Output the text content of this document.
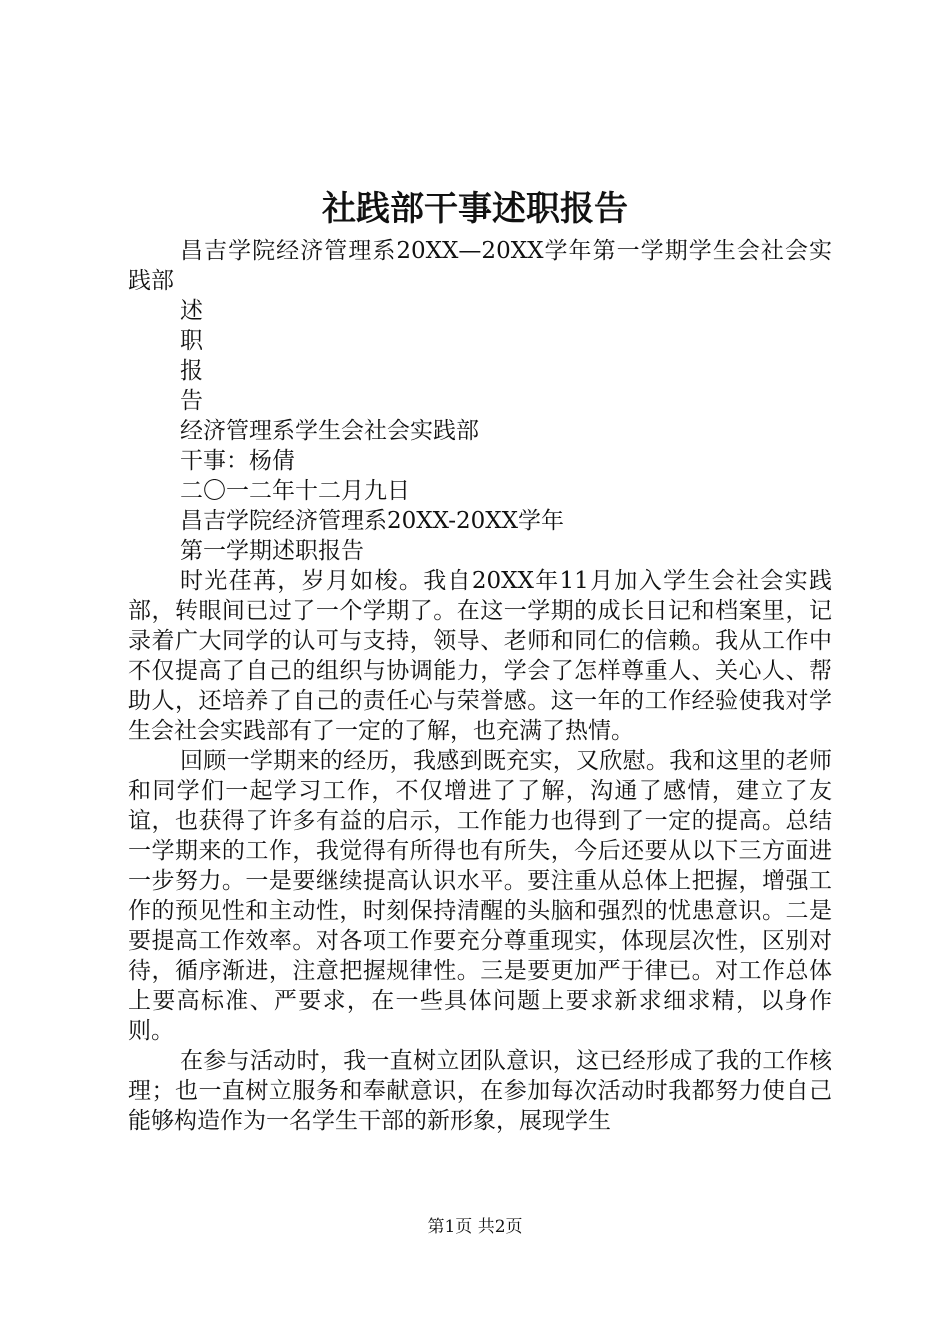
社践部干事述职报告

昌吉学院经济管理系20XX—20XX学年第一学期学生会社会实践部

述

职

报

告

经济管理系学生会社会实践部

干事：杨倩

二〇一二年十二月九日

昌吉学院经济管理系20XX-20XX学年

第一学期述职报告

时光荏苒，岁月如梭。我自20XX年11月加入学生会社会实践部，转眼间已过了一个学期了。在这一学期的成长日记和档案里，记录着广大同学的认可与支持，领导、老师和同仁的信赖。我从工作中不仅提高了自己的组织与协调能力，学会了怎样尊重人、关心人、帮助人，还培养了自己的责任心与荣誉感。这一年的工作经验使我对学生会社会实践部有了一定的了解，也充满了热情。

回顾一学期来的经历，我感到既充实，又欣慰。我和这里的老师和同学们一起学习工作，不仅增进了了解，沟通了感情，建立了友谊，也获得了许多有益的启示，工作能力也得到了一定的提高。总结一学期来的工作，我觉得有所得也有所失，今后还要从以下三方面进一步努力。一是要继续提高认识水平。要注重从总体上把握，增强工作的预见性和主动性，时刻保持清醒的头脑和强烈的忧患意识。二是要提高工作效率。对各项工作要充分尊重现实，体现层次性，区别对待，循序渐进，注意把握规律性。三是要更加严于律已。对工作总体上要高标准、严要求，在一些具体问题上要求新求细求精，以身作则。

在参与活动时，我一直树立团队意识，这已经形成了我的工作核理；也一直树立服务和奉献意识，在参加每次活动时我都努力使自己能够构造作为一名学生干部的新形象，展现学生

第1页 共2页
